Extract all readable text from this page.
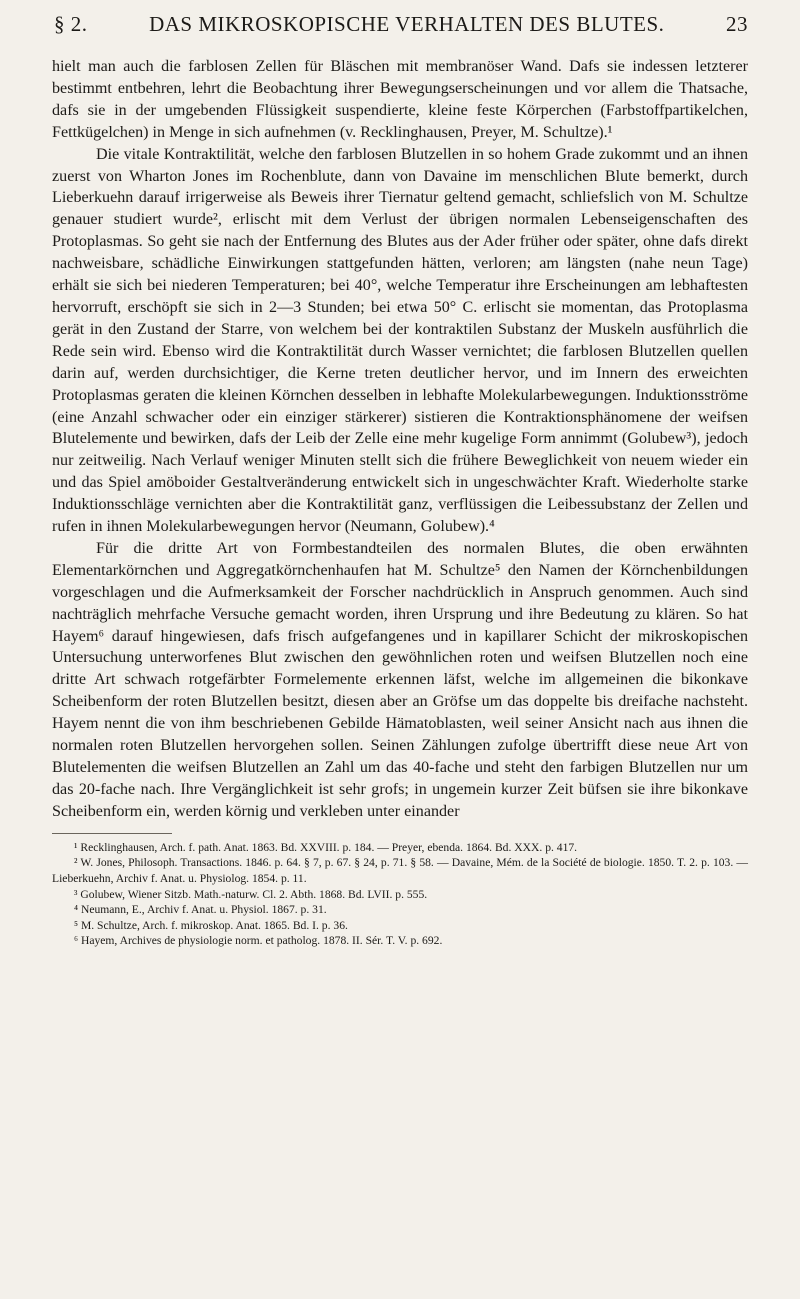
§ 2.	DAS MIKROSKOPISCHE VERHALTEN DES BLUTES.	23

hielt man auch die farblosen Zellen für Bläschen mit membranöser Wand. Dafs sie indessen letzterer bestimmt entbehren, lehrt die Beobachtung ihrer Bewegungserscheinungen und vor allem die Thatsache, dafs sie in der umgebenden Flüssigkeit suspendierte, kleine feste Körperchen (Farbstoffpartikelchen, Fettkügelchen) in Menge in sich aufnehmen (v. Recklinghausen, Preyer, M. Schultze).¹

Die vitale Kontraktilität, welche den farblosen Blutzellen in so hohem Grade zukommt und an ihnen zuerst von Wharton Jones im Rochenblute, dann von Davaine im menschlichen Blute bemerkt, durch Lieberkuehn darauf irrigerweise als Beweis ihrer Tiernatur geltend gemacht, schliefslich von M. Schultze genauer studiert wurde², erlischt mit dem Verlust der übrigen normalen Lebenseigenschaften des Protoplasmas. So geht sie nach der Entfernung des Blutes aus der Ader früher oder später, ohne dafs direkt nachweisbare, schädliche Einwirkungen stattgefunden hätten, verloren; am längsten (nahe neun Tage) erhält sie sich bei niederen Temperaturen; bei 40°, welche Temperatur ihre Erscheinungen am lebhaftesten hervorruft, erschöpft sie sich in 2—3 Stunden; bei etwa 50° C. erlischt sie momentan, das Protoplasma gerät in den Zustand der Starre, von welchem bei der kontraktilen Substanz der Muskeln ausführlich die Rede sein wird. Ebenso wird die Kontraktilität durch Wasser vernichtet; die farblosen Blutzellen quellen darin auf, werden durchsichtiger, die Kerne treten deutlicher hervor, und im Innern des erweichten Protoplasmas geraten die kleinen Körnchen desselben in lebhafte Molekularbewegungen. Induktionsströme (eine Anzahl schwacher oder ein einziger stärkerer) sistieren die Kontraktionsphänomene der weifsen Blutelemente und bewirken, dafs der Leib der Zelle eine mehr kugelige Form annimmt (Golubew³), jedoch nur zeitweilig. Nach Verlauf weniger Minuten stellt sich die frühere Beweglichkeit von neuem wieder ein und das Spiel amöboider Gestaltveränderung entwickelt sich in ungeschwächter Kraft. Wiederholte starke Induktionsschläge vernichten aber die Kontraktilität ganz, verflüssigen die Leibessubstanz der Zellen und rufen in ihnen Molekularbewegungen hervor (Neumann, Golubew).⁴

Für die dritte Art von Formbestandteilen des normalen Blutes, die oben erwähnten Elementarkörnchen und Aggregatkörnchenhaufen hat M. Schultze⁵ den Namen der Körnchenbildungen vorgeschlagen und die Aufmerksamkeit der Forscher nachdrücklich in Anspruch genommen. Auch sind nachträglich mehrfache Versuche gemacht worden, ihren Ursprung und ihre Bedeutung zu klären. So hat Hayem⁶ darauf hingewiesen, dafs frisch aufgefangenes und in kapillarer Schicht der mikroskopischen Untersuchung unterworfenes Blut zwischen den gewöhnlichen roten und weifsen Blutzellen noch eine dritte Art schwach rotgefärbter Formelemente erkennen läfst, welche im allgemeinen die bikonkave Scheibenform der roten Blutzellen besitzt, diesen aber an Gröfse um das doppelte bis dreifache nachsteht. Hayem nennt die von ihm beschriebenen Gebilde Hämatoblasten, weil seiner Ansicht nach aus ihnen die normalen roten Blutzellen hervorgehen sollen. Seinen Zählungen zufolge übertrifft diese neue Art von Blutelementen die weifsen Blutzellen an Zahl um das 40-fache und steht den farbigen Blutzellen nur um das 20-fache nach. Ihre Vergänglichkeit ist sehr grofs; in ungemein kurzer Zeit büfsen sie ihre bikonkave Scheibenform ein, werden körnig und verkleben unter einander

¹ Recklinghausen, Arch. f. path. Anat. 1863. Bd. XXVIII. p. 184. — Preyer, ebenda. 1864. Bd. XXX. p. 417.

² W. Jones, Philosoph. Transactions. 1846. p. 64. § 7, p. 67. § 24, p. 71. § 58. — Davaine, Mém. de la Société de biologie. 1850. T. 2. p. 103. — Lieberkuehn, Archiv f. Anat. u. Physiolog. 1854. p. 11.

³ Golubew, Wiener Sitzb. Math.-naturw. Cl. 2. Abth. 1868. Bd. LVII. p. 555.

⁴ Neumann, E., Archiv f. Anat. u. Physiol. 1867. p. 31.

⁵ M. Schultze, Arch. f. mikroskop. Anat. 1865. Bd. I. p. 36.

⁶ Hayem, Archives de physiologie norm. et patholog. 1878. II. Sér. T. V. p. 692.
